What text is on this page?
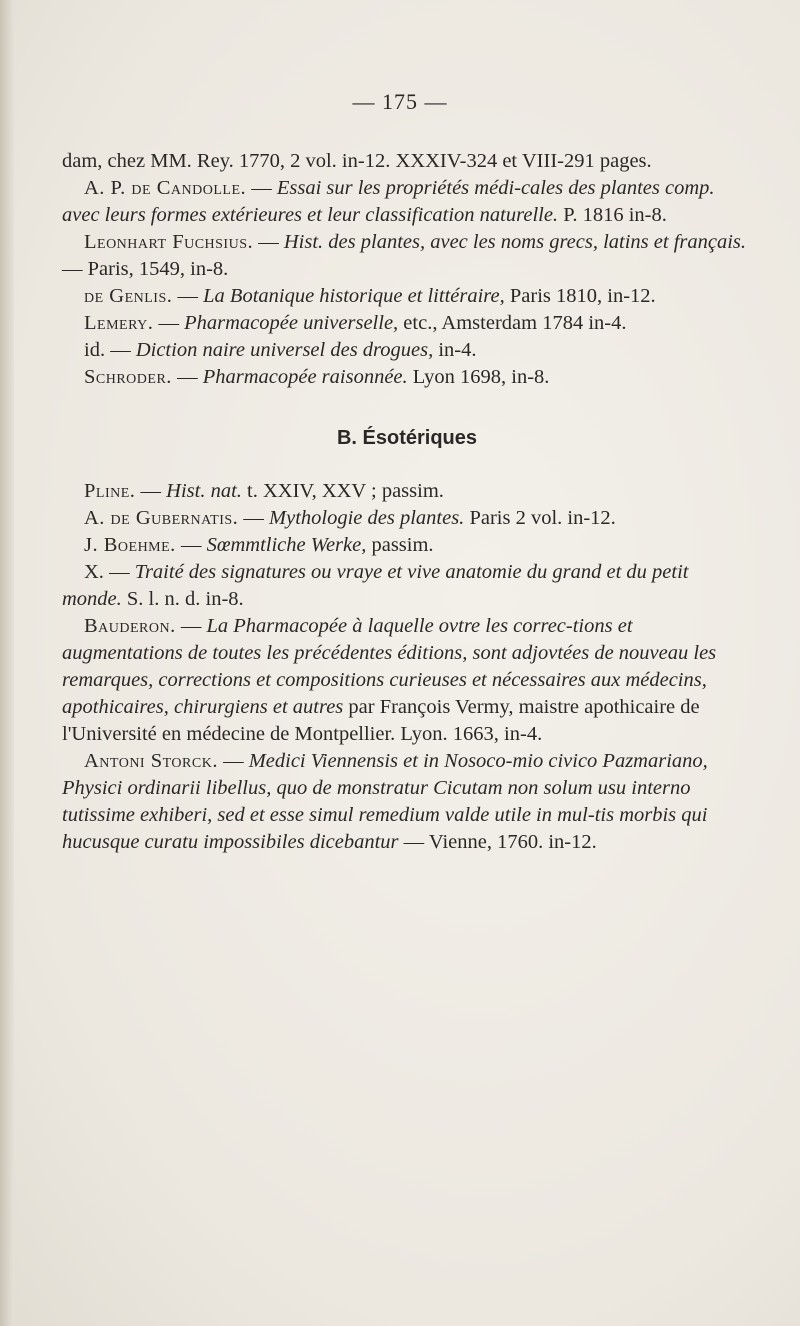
— 175 —

dam, chez MM. Rey. 1770, 2 vol. in-12. XXXIV-324 et VIII-291 pages.

A. P. de Candolle. — Essai sur les propriétés médi-cales des plantes comp. avec leurs formes extérieures et leur classification naturelle. P. 1816 in-8.

Leonhart Fuchsius. — Hist. des plantes, avec les noms grecs, latins et français. — Paris, 1549, in-8.

de Genlis. — La Botanique historique et littéraire, Paris 1810, in-12.

Lemery. — Pharmacopée universelle, etc., Amsterdam 1784 in-4.

id. — Diction naire universel des drogues, in-4.

Schroder. — Pharmacopée raisonnée. Lyon 1698, in-8.

B. Ésotériques

Pline. — Hist. nat. t. XXIV, XXV ; passim.

A. de Gubernatis. — Mythologie des plantes. Paris 2 vol. in-12.

J. Boehme. — Sœmmtliche Werke, passim.

X. — Traité des signatures ou vraye et vive anatomie du grand et du petit monde. S. l. n. d. in-8.

Bauderon. — La Pharmacopée à laquelle ovtre les correc-tions et augmentations de toutes les précédentes éditions, sont adjovtées de nouveau les remarques, corrections et compositions curieuses et nécessaires aux médecins, apothicaires, chirurgiens et autres par François Vermy, maistre apothicaire de l'Université en médecine de Montpellier. Lyon. 1663, in-4.

Antoni Storck. — Medici Viennensis et in Nosoco-mio civico Pazmariano, Physici ordinarii libellus, quo de monstratur Cicutam non solum usu interno tutissime exhiberi, sed et esse simul remedium valde utile in mul-tis morbis qui hucusque curatu impossibiles dicebantur — Vienne, 1760. in-12.
